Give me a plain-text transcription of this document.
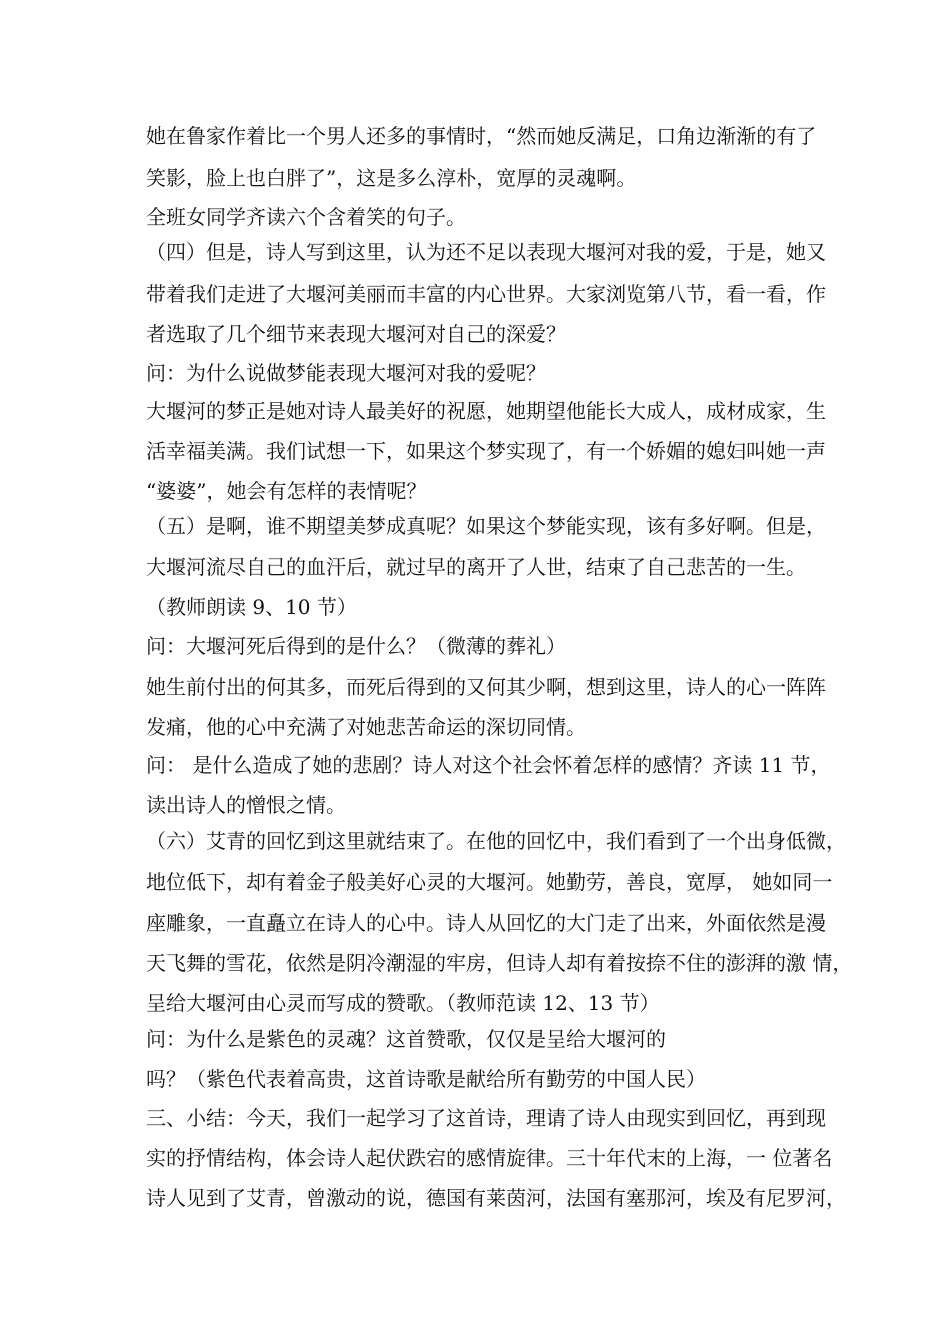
她在鲁家作着比一个男人还多的事情时，“然而她反满足，口角边渐渐的有了
笑影，脸上也白胖了”，这是多么淳朴，宽厚的灵魂啊。
全班女同学齐读六个含着笑的句子。
（四）但是，诗人写到这里，认为还不足以表现大堰河对我的爱，于是，她又
带着我们走进了大堰河美丽而丰富的内心世界。大家浏览第八节，看一看，作
者选取了几个细节来表现大堰河对自己的深爱？
问：为什么说做梦能表现大堰河对我的爱呢？
大堰河的梦正是她对诗人最美好的祝愿，她期望他能长大成人，成材成家，生
活幸福美满。我们试想一下，如果这个梦实现了，有一个娇媚的媳妇叫她一声
“婆婆”，她会有怎样的表情呢？
（五）是啊，谁不期望美梦成真呢？如果这个梦能实现，该有多好啊。但是，
大堰河流尽自己的血汗后，就过早的离开了人世，结束了自己悲苦的一生。
（教师朗读 9、10 节）
问：大堰河死后得到的是什么？（微薄的葬礼）
她生前付出的何其多，而死后得到的又何其少啊，想到这里，诗人的心一阵阵
发痛，他的心中充满了对她悲苦命运的深切同情。
问： 是什么造成了她的悲剧？诗人对这个社会怀着怎样的感情？齐读 11 节，
读出诗人的憎恨之情。
（六）艾青的回忆到这里就结束了。在他的回忆中，我们看到了一个出身低微，
地位低下，却有着金子般美好心灵的大堰河。她勤劳，善良，宽厚， 她如同一
座雕象，一直矗立在诗人的心中。诗人从回忆的大门走了出来，外面依然是漫
天飞舞的雪花，依然是阴冷潮湿的牢房，但诗人却有着按捺不住的澎湃的激 情，
呈给大堰河由心灵而写成的赞歌。（教师范读 12、13 节）
问：为什么是紫色的灵魂？这首赞歌，仅仅是呈给大堰河的
吗？（紫色代表着高贵，这首诗歌是献给所有勤劳的中国人民）
三、小结：今天，我们一起学习了这首诗，理请了诗人由现实到回忆，再到现
实的抒情结构，体会诗人起伏跌宕的感情旋律。三十年代末的上海，一 位著名
诗人见到了艾青，曾激动的说，德国有莱茵河，法国有塞那河，埃及有尼罗河，
